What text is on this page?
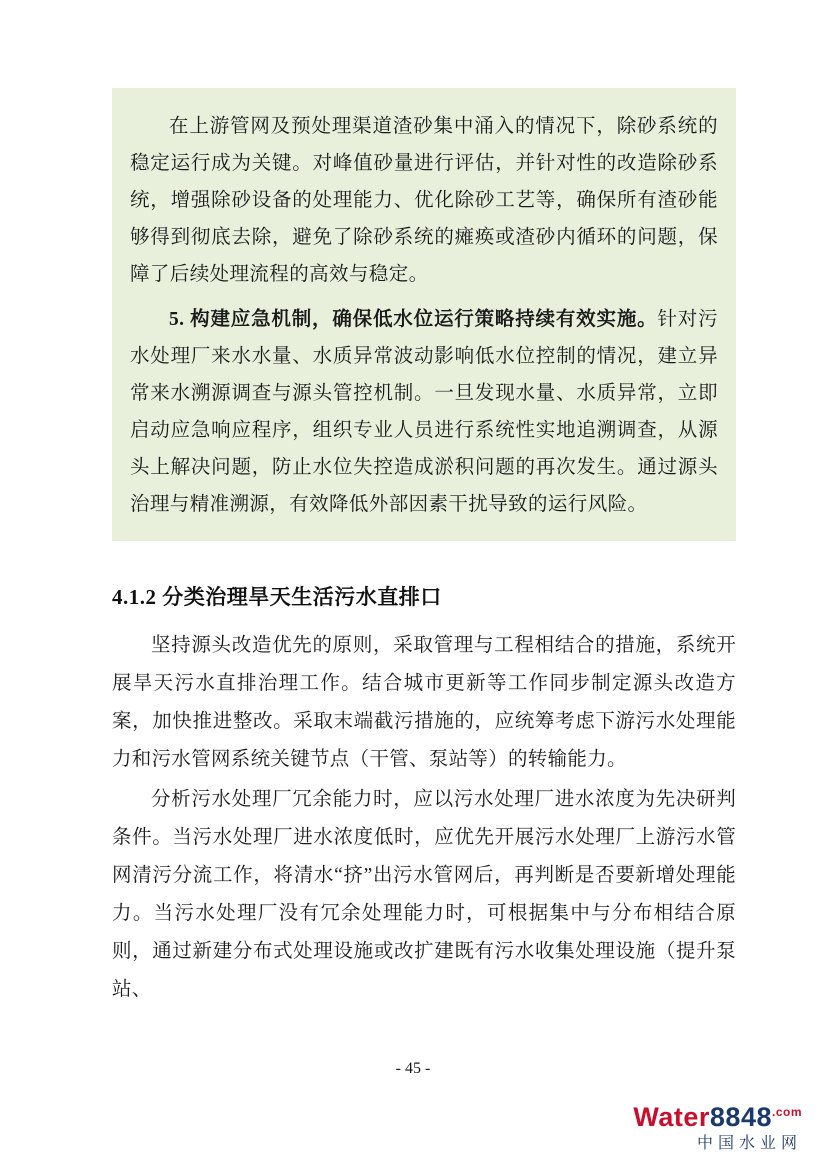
在上游管网及预处理渠道渣砂集中涌入的情况下，除砂系统的稳定运行成为关键。对峰值砂量进行评估，并针对性的改造除砂系统，增强除砂设备的处理能力、优化除砂工艺等，确保所有渣砂能够得到彻底去除，避免了除砂系统的瘫痪或渣砂内循环的问题，保障了后续处理流程的高效与稳定。

5. 构建应急机制，确保低水位运行策略持续有效实施。针对污水处理厂来水水量、水质异常波动影响低水位控制的情况，建立异常来水溯源调查与源头管控机制。一旦发现水量、水质异常，立即启动应急响应程序，组织专业人员进行系统性实地追溯调查，从源头上解决问题，防止水位失控造成淤积问题的再次发生。通过源头治理与精准溯源，有效降低外部因素干扰导致的运行风险。

4.1.2 分类治理旱天生活污水直排口

坚持源头改造优先的原则，采取管理与工程相结合的措施，系统开展旱天污水直排治理工作。结合城市更新等工作同步制定源头改造方案，加快推进整改。采取末端截污措施的，应统筹考虑下游污水处理能力和污水管网系统关键节点（干管、泵站等）的转输能力。

分析污水处理厂冗余能力时，应以污水处理厂进水浓度为先决研判条件。当污水处理厂进水浓度低时，应优先开展污水处理厂上游污水管网清污分流工作，将清水“挤”出污水管网后，再判断是否要新增处理能力。当污水处理厂没有冗余处理能力时，可根据集中与分布相结合原则，通过新建分布式处理设施或改扩建既有污水收集处理设施（提升泵站、

- 45 -
$Water8848^{.com}$
中国水业网
